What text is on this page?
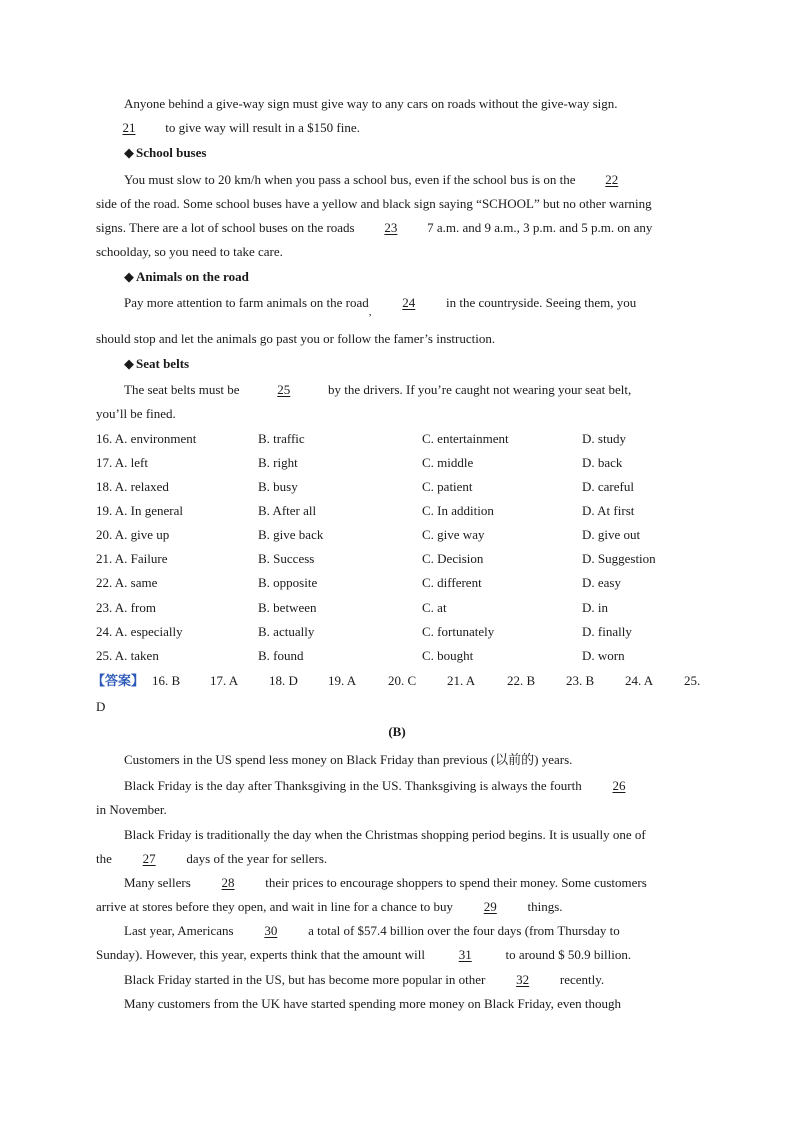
Anyone behind a give-way sign must give way to any cars on roads without the give-way sign.
21 to give way will result in a $150 fine.
◆ School buses
You must slow to 20 km/h when you pass a school bus, even if the school bus is on the 22
side of the road. Some school buses have a yellow and black sign saying “SCHOOL” but no other warning
signs. There are a lot of school buses on the roads 23 7 a.m. and 9 a.m., 3 p.m. and 5 p.m. on any
schoolday, so you need to take care.
◆ Animals on the road
Pay more attention to farm animals on the road$_,$ 24 in the countryside. Seeing them, you
should stop and let the animals go past you or follow the famer’s instruction.
◆ Seat belts
The seat belts must be	25	by the drivers. If you’re caught not wearing your seat belt,
you’ll be fined.
16. A. environment	B. traffic	C. entertainment	D. study
17. A. left	B. right	C. middle	D. back
18. A. relaxed	B. busy	C. patient	D. careful
19. A. In general	B. After all	C. In addition	D. At first
20. A. give up	B. give back	C. give way	D. give out
21. A. Failure	B. Success	C. Decision	D. Suggestion
22. A. same	B. opposite	C. different	D. easy
23. A. from	B. between	C. at	D. in
24. A. especially	B. actually	C. fortunately	D. finally
25. A. taken	B. found	C. bought	D. worn
【答案】 16. B 17. A 18. D 19. A 20. C 21. A 22. B 23. B 24. A 25.
D
(B)
Customers in the US spend less money on Black Friday than previous (以前的) years.
Black Friday is the day after Thanksgiving in the US. Thanksgiving is always the fourth 26
in November.
Black Friday is traditionally the day when the Christmas shopping period begins. It is usually one of
the 27 days of the year for sellers.
Many sellers 28 their prices to encourage shoppers to spend their money. Some customers
arrive at stores before they open, and wait in line for a chance to buy 29 things.
Last year, Americans 30 a total of $57.4 billion over the four days (from Thursday to
Sunday). However, this year, experts think that the amount will	31	to around $ 50.9 billion.
Black Friday started in the US, but has become more popular in other 32 recently.
Many customers from the UK have started spending more money on Black Friday, even though
